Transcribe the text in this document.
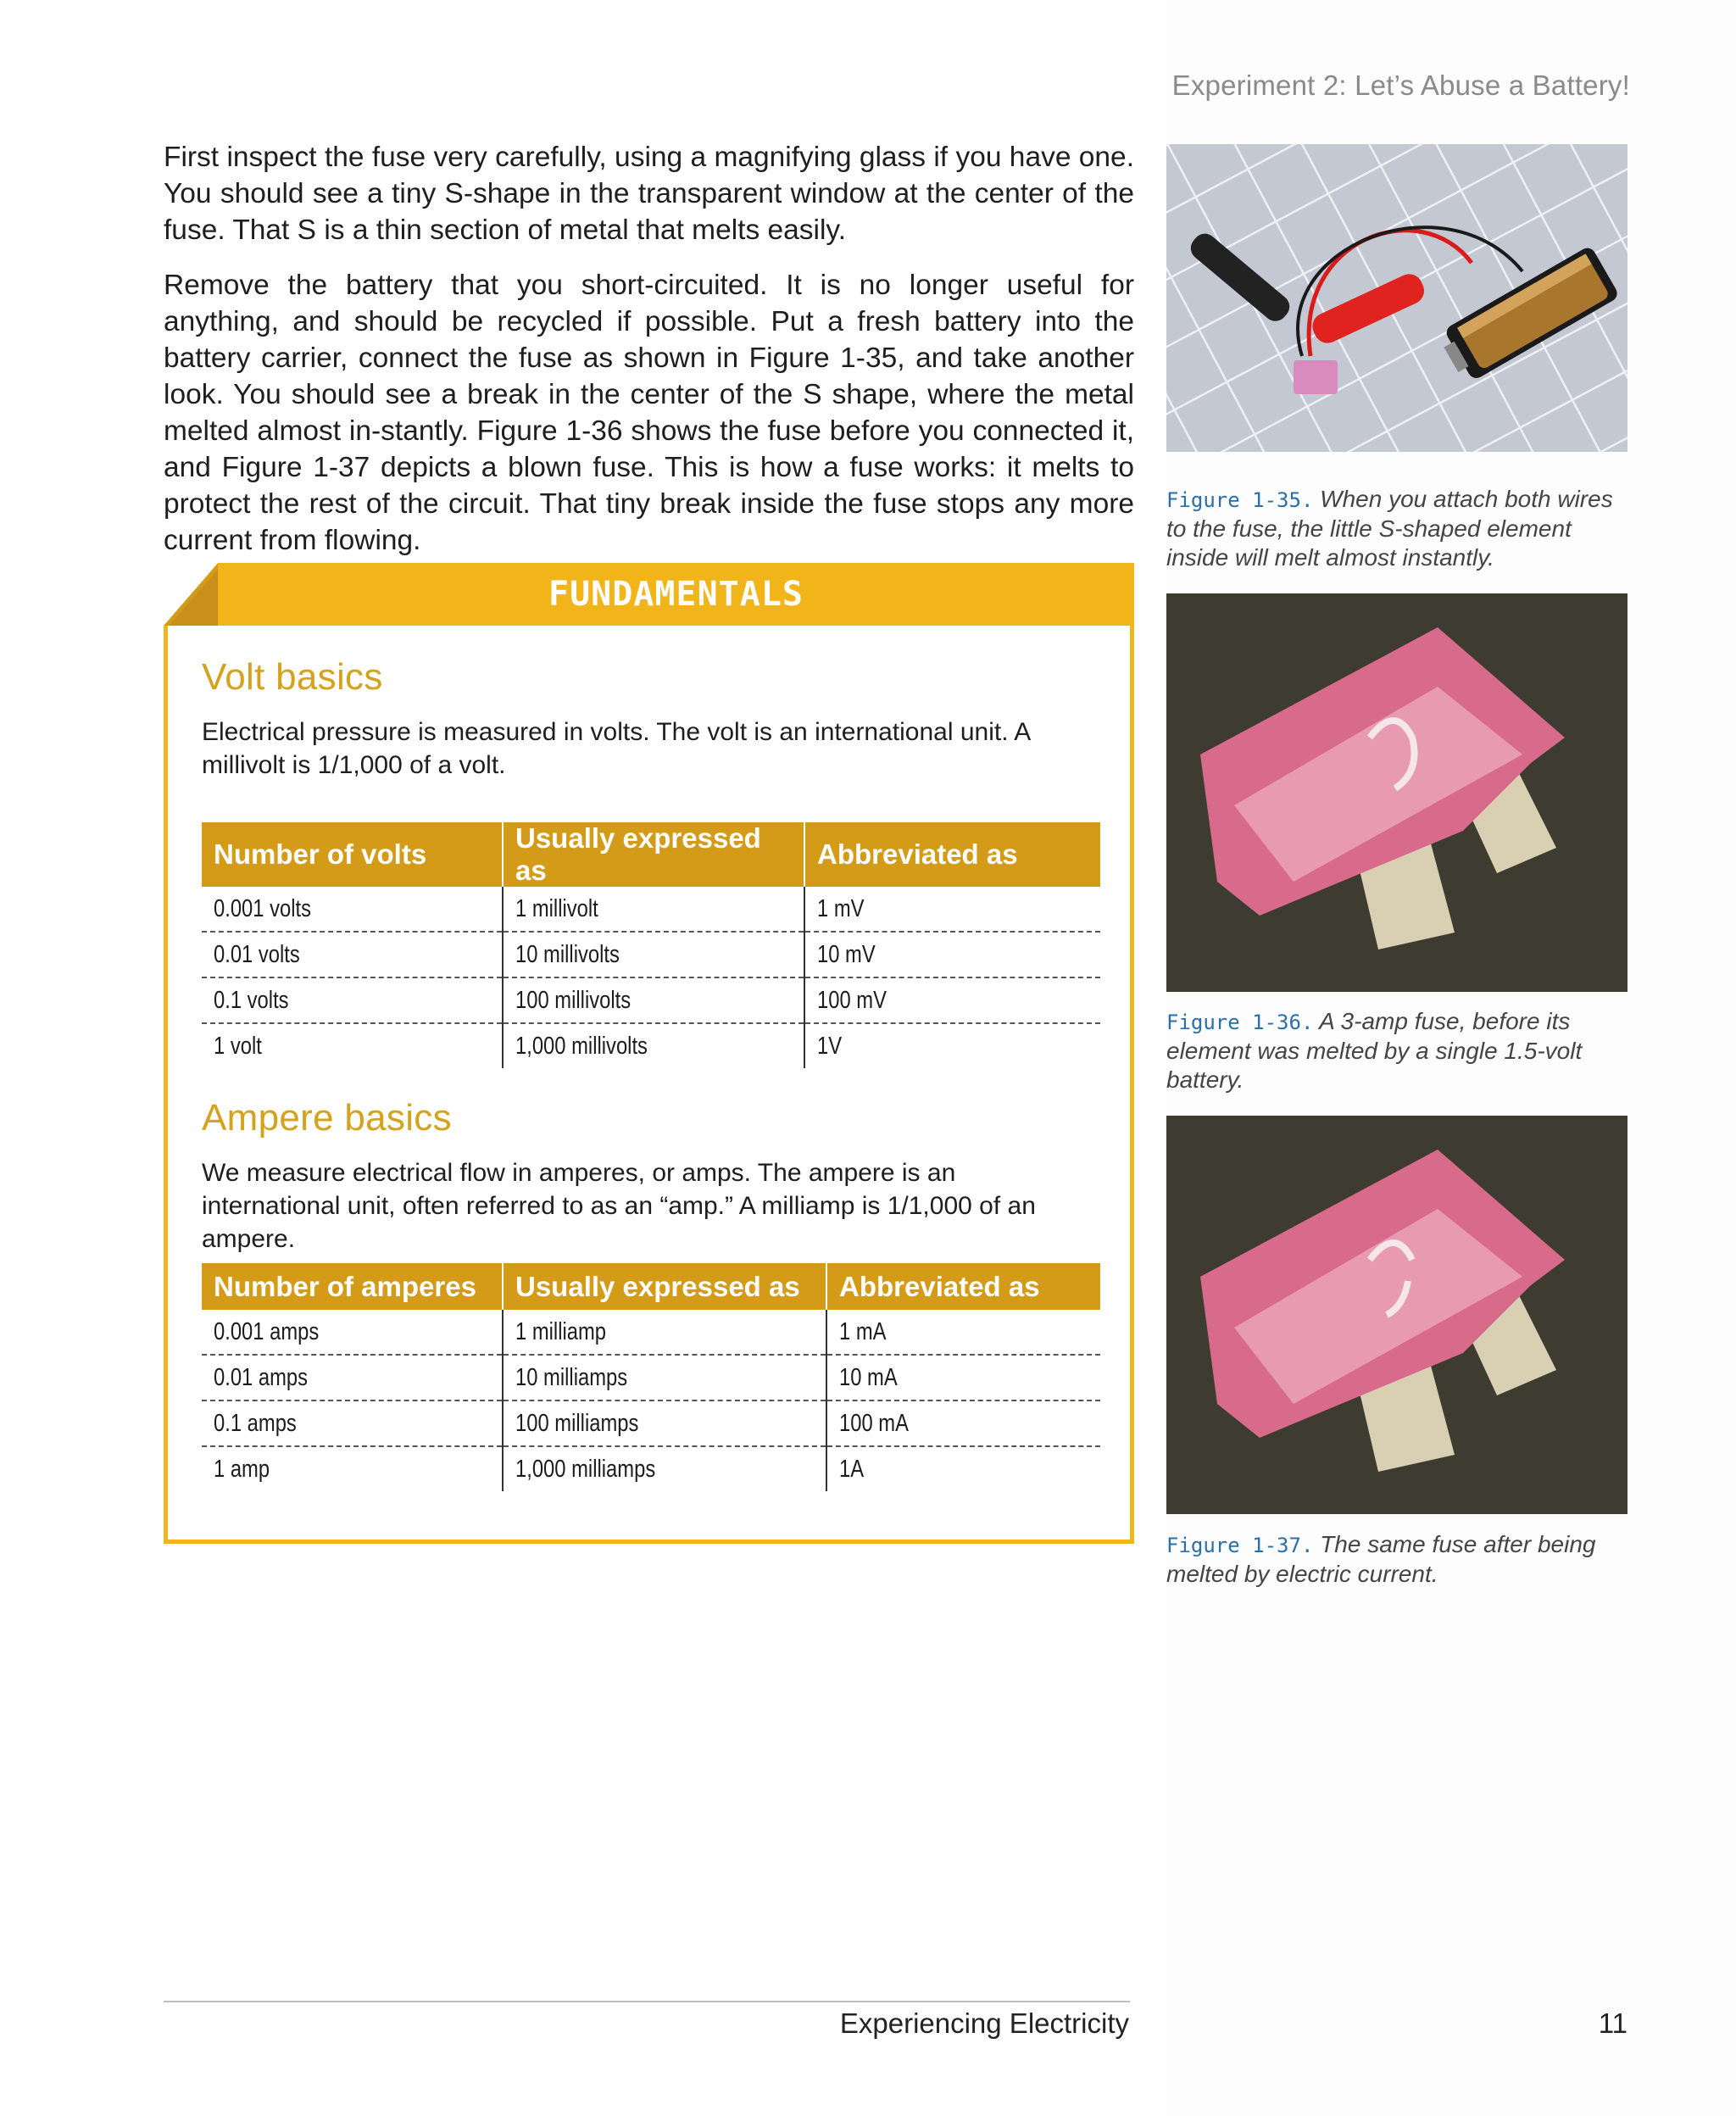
Experiment 2: Let’s Abuse a Battery!

First inspect the fuse very carefully, using a magnifying glass if you have one. You should see a tiny S-shape in the transparent window at the center of the fuse. That S is a thin section of metal that melts easily.

Remove the battery that you short-circuited. It is no longer useful for anything, and should be recycled if possible. Put a fresh battery into the battery carrier, connect the fuse as shown in Figure 1-35, and take another look. You should see a break in the center of the S shape, where the metal melted almost in-stantly. Figure 1-36 shows the fuse before you connected it, and Figure 1-37 depicts a blown fuse. This is how a fuse works: it melts to protect the rest of the circuit. That tiny break inside the fuse stops any more current from flowing.

FUNDAMENTALS
Volt basics

Electrical pressure is measured in volts. The volt is an international unit. A millivolt is 1/1,000 of a volt.

Number of volts	Usually expressed as	Abbreviated as
0.001 volts	1 millivolt	1 mV
0.01 volts	10 millivolts	10 mV
0.1 volts	100 millivolts	100 mV
1 volt	1,000 millivolts	1V
Ampere basics

We measure electrical flow in amperes, or amps. The ampere is an international unit, often referred to as an “amp.” A milliamp is 1/1,000 of an ampere.

Number of amperes	Usually expressed as	Abbreviated as
0.001 amps	1 milliamp	1 mA
0.01 amps	10 milliamps	10 mA
0.1 amps	100 milliamps	100 mA
1 amp	1,000 milliamps	1A
Figure 1-35. When you attach both wires to the fuse, the little S-shaped element inside will melt almost instantly.
Figure 1-36. A 3-amp fuse, before its element was melted by a single 1.5-volt battery.
Figure 1-37. The same fuse after being melted by electric current.
Experiencing Electricity	11
